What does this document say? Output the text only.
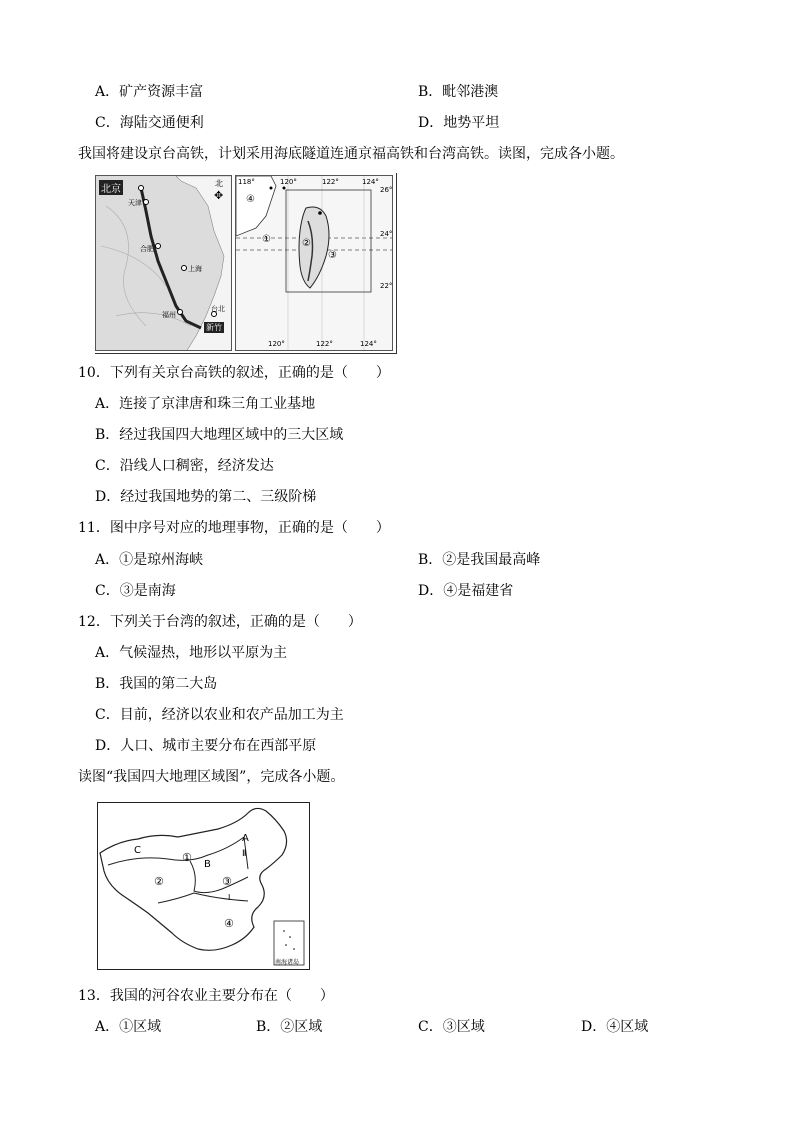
A．矿产资源丰富	B．毗邻港澳
C．海陆交通便利	D．地势平坦
我国将建设京台高铁，计划采用海底隧道连通京福高铁和台湾高铁。读图，完成各小题。
北京
天津
合肥
上海
福州
台北
新竹
北
✥
118°	120°	122°	124°
26°
24°
22°
120°	122°	124°
④
①	②
③
10．下列有关京台高铁的叙述，正确的是（　　）
A．连接了京津唐和珠三角工业基地
B．经过我国四大地理区域中的三大区域
C．沿线人口稠密，经济发达
D．经过我国地势的第二、三级阶梯
11．图中序号对应的地理事物，正确的是（　　）
A．①是琼州海峡	B．②是我国最高峰
C．③是南海	D．④是福建省
12．下列关于台湾的叙述，正确的是（　　）
A．气候湿热，地形以平原为主
B．我国的第二大岛
C．目前，经济以农业和农产品加工为主
D．人口、城市主要分布在西部平原
读图“我国四大地理区域图”，完成各小题。
C
①
B
A
Ⅱ
②	③
Ⅰ
④
南海诸岛
13．我国的河谷农业主要分布在（　　）
A．①区域	B．②区域	C．③区域	D．④区域
